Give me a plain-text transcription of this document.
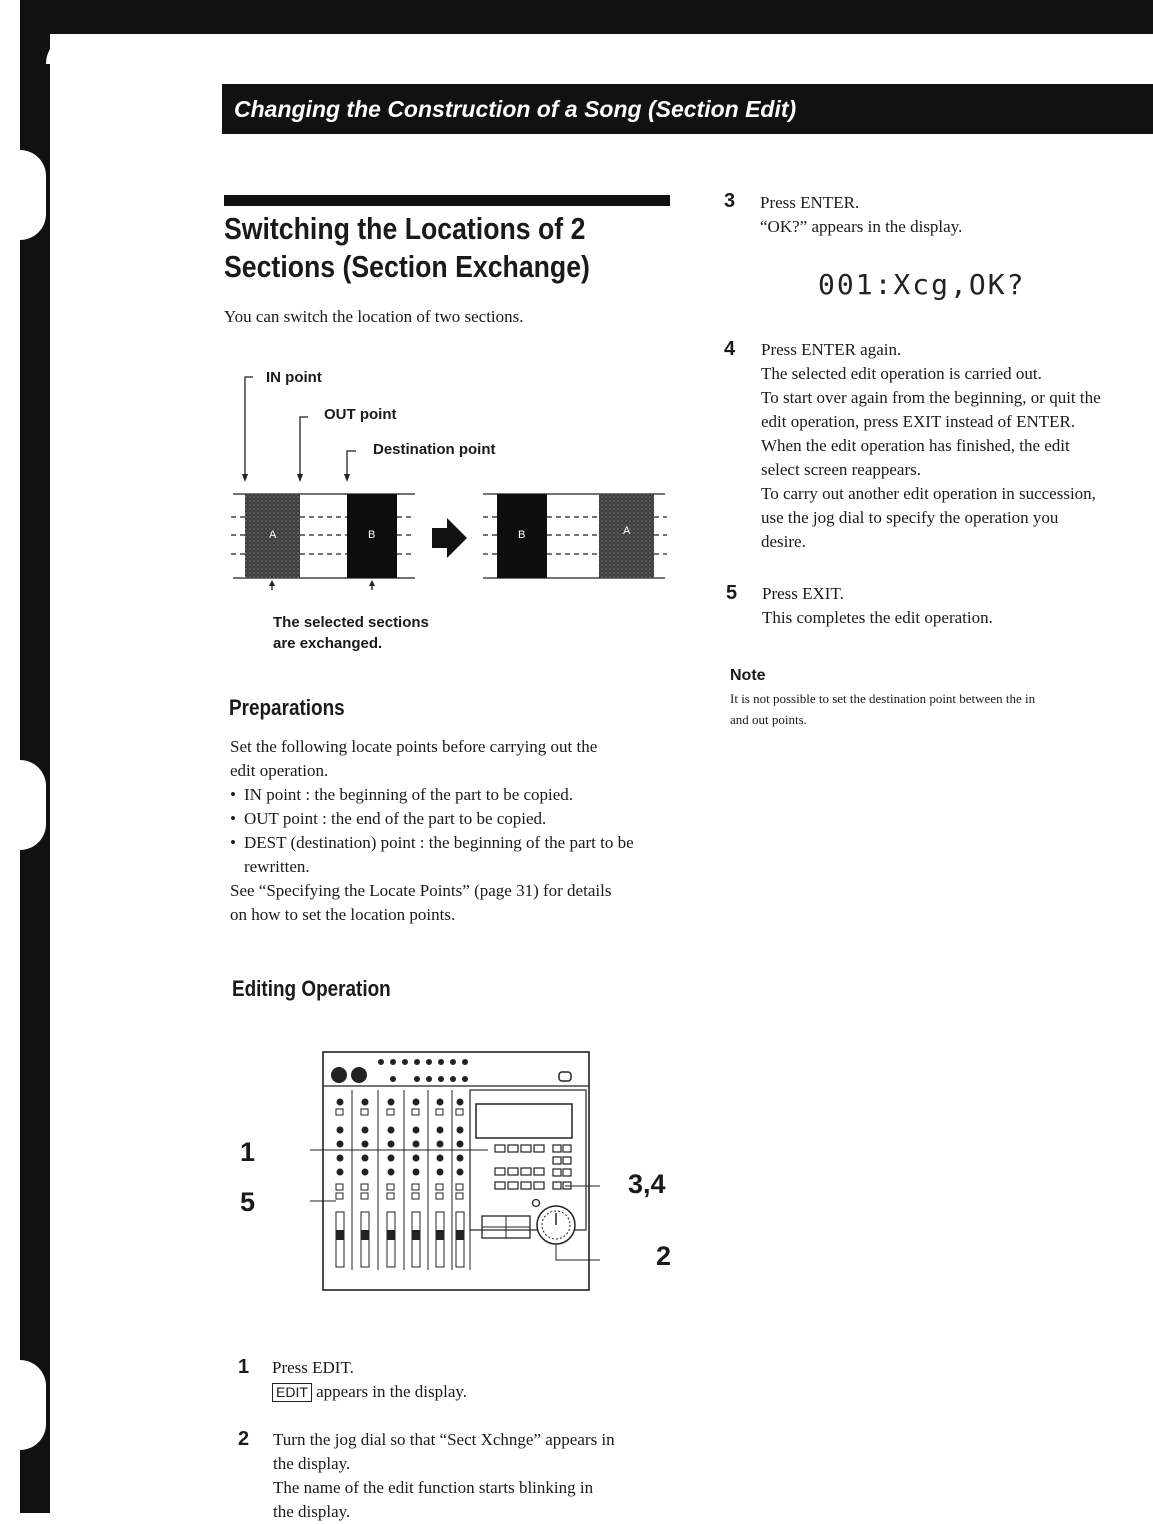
Changing the Construction of a Song (Section Edit)
Switching the Locations of 2
Sections (Section Exchange)
You can switch the location of two sections.
IN point
OUT point
Destination point
A	B	B	A
The selected sections
are exchanged.
Preparations
Set the following locate points before carrying out the
edit operation.
• IN point : the beginning of the part to be copied.
• OUT point : the end of the part to be copied.
• DEST (destination) point : the beginning of the part to be rewritten.
See “Specifying the Locate Points” (page 31) for details
on how to set the location points.
Editing Operation
1
5
3,4
2
1 Press EDIT.
EDIT appears in the display.
2 Turn the jog dial so that “Sect Xchnge” appears in
the display.
The name of the edit function starts blinking in
the display.
3 Press ENTER.
“OK?” appears in the display.
001:Xcg,OK?
4 Press ENTER again.
The selected edit operation is carried out.
To start over again from the beginning, or quit the
edit operation, press EXIT instead of ENTER.
When the edit operation has finished, the edit
select screen reappears.
To carry out another edit operation in succession,
use the jog dial to specify the operation you
desire.
5 Press EXIT.
This completes the edit operation.
Note
It is not possible to set the destination point between the in
and out points.
